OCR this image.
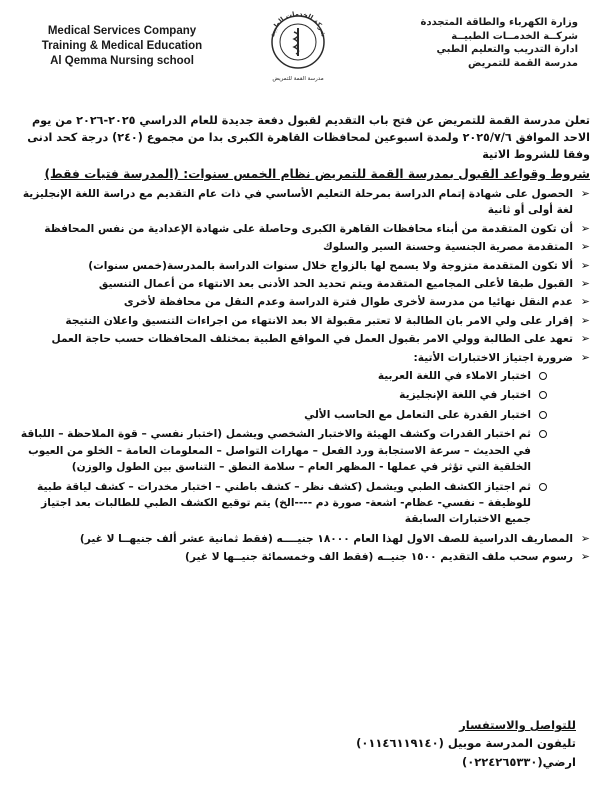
Medical Services Company
Training & Medical Education
Al Qemma Nursing school
شركة الخدمات الطبية
مدرسة القمة للتمريض
وزارة الكهرباء والطاقة المتجددة
شركــة الخدمــات الطبيــة
ادارة التدريب والتعليم الطبي
مدرسة القمة للتمريض

تعلن مدرسة القمة للتمريض عن فتح باب التقديم لقبول دفعة جديدة للعام الدراسي ٢٠٢٥-٢٠٢٦ من يوم الاحد الموافق ٢٠٢٥/٧/٦ ولمدة اسبوعين لمحافظات القاهرة الكبرى بدا من مجموع (٢٤٠) درجة كحد ادنى وفقا للشروط الاتية

شروط وقواعد القبول بمدرسة القمة للتمريض نظام الخمس سنوات: (المدرسة فتيات فقط)
➢
الحصول على شهادة إتمام الدراسة بمرحلة التعليم الأساسي في ذات عام التقديم مع دراسة اللغة الإنجليزية لغة أولى أو ثانية
➢
أن تكون المتقدمة من أبناء محافظات القاهرة الكبرى وحاصلة على شهادة الإعدادية من نفس المحافظة
➢
المتقدمة مصرية الجنسية وحسنة السير والسلوك
➢
ألا تكون المتقدمة متزوجة ولا يسمح لها بالزواج خلال سنوات الدراسة بالمدرسة(خمس سنوات)
➢
القبول طبقا لأعلى المجاميع المتقدمة ويتم تحديد الحد الأدنى بعد الانتهاء من أعمال التنسيق
➢
عدم النقل نهائيا من مدرسة لأخرى طوال فترة الدراسة وعدم النقل من محافظة لأخرى
➢
إقرار على ولي الامر بان الطالبة لا تعتبر مقبولة الا بعد الانتهاء من اجراءات التنسيق واعلان النتيجة
➢
تعهد على الطالبة وولي الامر بقبول العمل في المواقع الطبية بمختلف المحافظات حسب حاجة العمل
➢
ضرورة اجتياز الاختبارات الأتية:
اختبار الاملاء في اللغة العربية
اختبار في اللغة الإنجليزية
اختبار القدرة على التعامل مع الحاسب الألي
ثم اختبار القدرات وكشف الهيئة والاختبار الشخصي ويشمل (اختبار نفسي – قوة الملاحظة – اللباقة في الحديث – سرعة الاستجابة ورد الفعل – مهارات التواصل – المعلومات العامة – الخلو من العيوب الخلقية التي تؤثر في عملها - المظهر العام – سلامة النطق – التناسق بين الطول والوزن)
ثم اجتياز الكشف الطبي ويشمل (كشف نظر – كشف باطني – اختبار مخدرات – كشف لياقة طبية للوظيفة – نفسي- عظام- اشعة- صورة دم ----الخ) يتم توقيع الكشف الطبي للطالبات بعد اجتياز جميع الاختبارات السابقة
➢
المصاريف الدراسية للصف الاول لهذا العام ١٨٠٠٠ جنيــــه (فقط ثمانية عشر ألف جنيهــا لا غير)
➢
رسوم سحب ملف التقديم ١٥٠٠ جنيــه (فقط الف وخمسمائة جنيــها لا غير)
للتواصل والاستفسار
تليفون المدرسة موبيل (٠١١٤٦١١٩١٤٠)
ارضي(٠٢٢٤٢٦٥٣٣٠)
